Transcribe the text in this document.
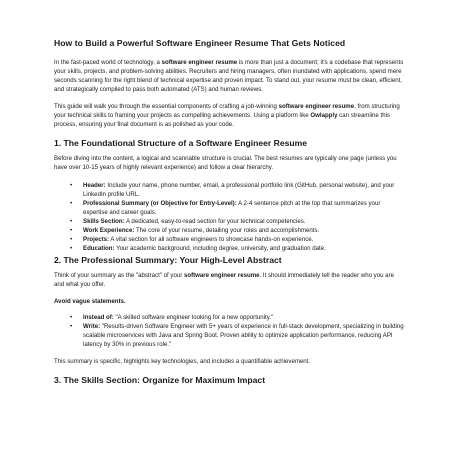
How to Build a Powerful Software Engineer Resume That Gets Noticed

In the fast-paced world of technology, a software engineer resume is more than just a document; it's a codebase that represents your skills, projects, and problem-solving abilities. Recruiters and hiring managers, often inundated with applications, spend mere seconds scanning for the right blend of technical expertise and proven impact. To stand out, your resume must be clean, efficient, and strategically compiled to pass both automated (ATS) and human reviews.

This guide will walk you through the essential components of crafting a job-winning software engineer resume, from structuring your technical skills to framing your projects as compelling achievements. Using a platform like Owlapply can streamline this process, ensuring your final document is as polished as your code.

1. The Foundational Structure of a Software Engineer Resume

Before diving into the content, a logical and scannable structure is crucial. The best resumes are typically one page (unless you have over 10-15 years of highly relevant experience) and follow a clear hierarchy.

• Header: Include your name, phone number, email, a professional portfolio link (GitHub, personal website), and your LinkedIn profile URL.
• Professional Summary (or Objective for Entry-Level): A 2-4 sentence pitch at the top that summarizes your expertise and career goals.
• Skills Section: A dedicated, easy-to-read section for your technical competencies.
• Work Experience: The core of your resume, detailing your roles and accomplishments.
• Projects: A vital section for all software engineers to showcase hands-on experience.
• Education: Your academic background, including degree, university, and graduation date.
2. The Professional Summary: Your High-Level Abstract

Think of your summary as the "abstract" of your software engineer resume. It should immediately tell the reader who you are and what you offer.

Avoid vague statements.

• Instead of: "A skilled software engineer looking for a new opportunity."
• Write: "Results-driven Software Engineer with 5+ years of experience in full-stack development, specializing in building scalable microservices with Java and Spring Boot. Proven ability to optimize application performance, reducing API latency by 30% in previous role."

This summary is specific, highlights key technologies, and includes a quantifiable achievement.

3. The Skills Section: Organize for Maximum Impact
